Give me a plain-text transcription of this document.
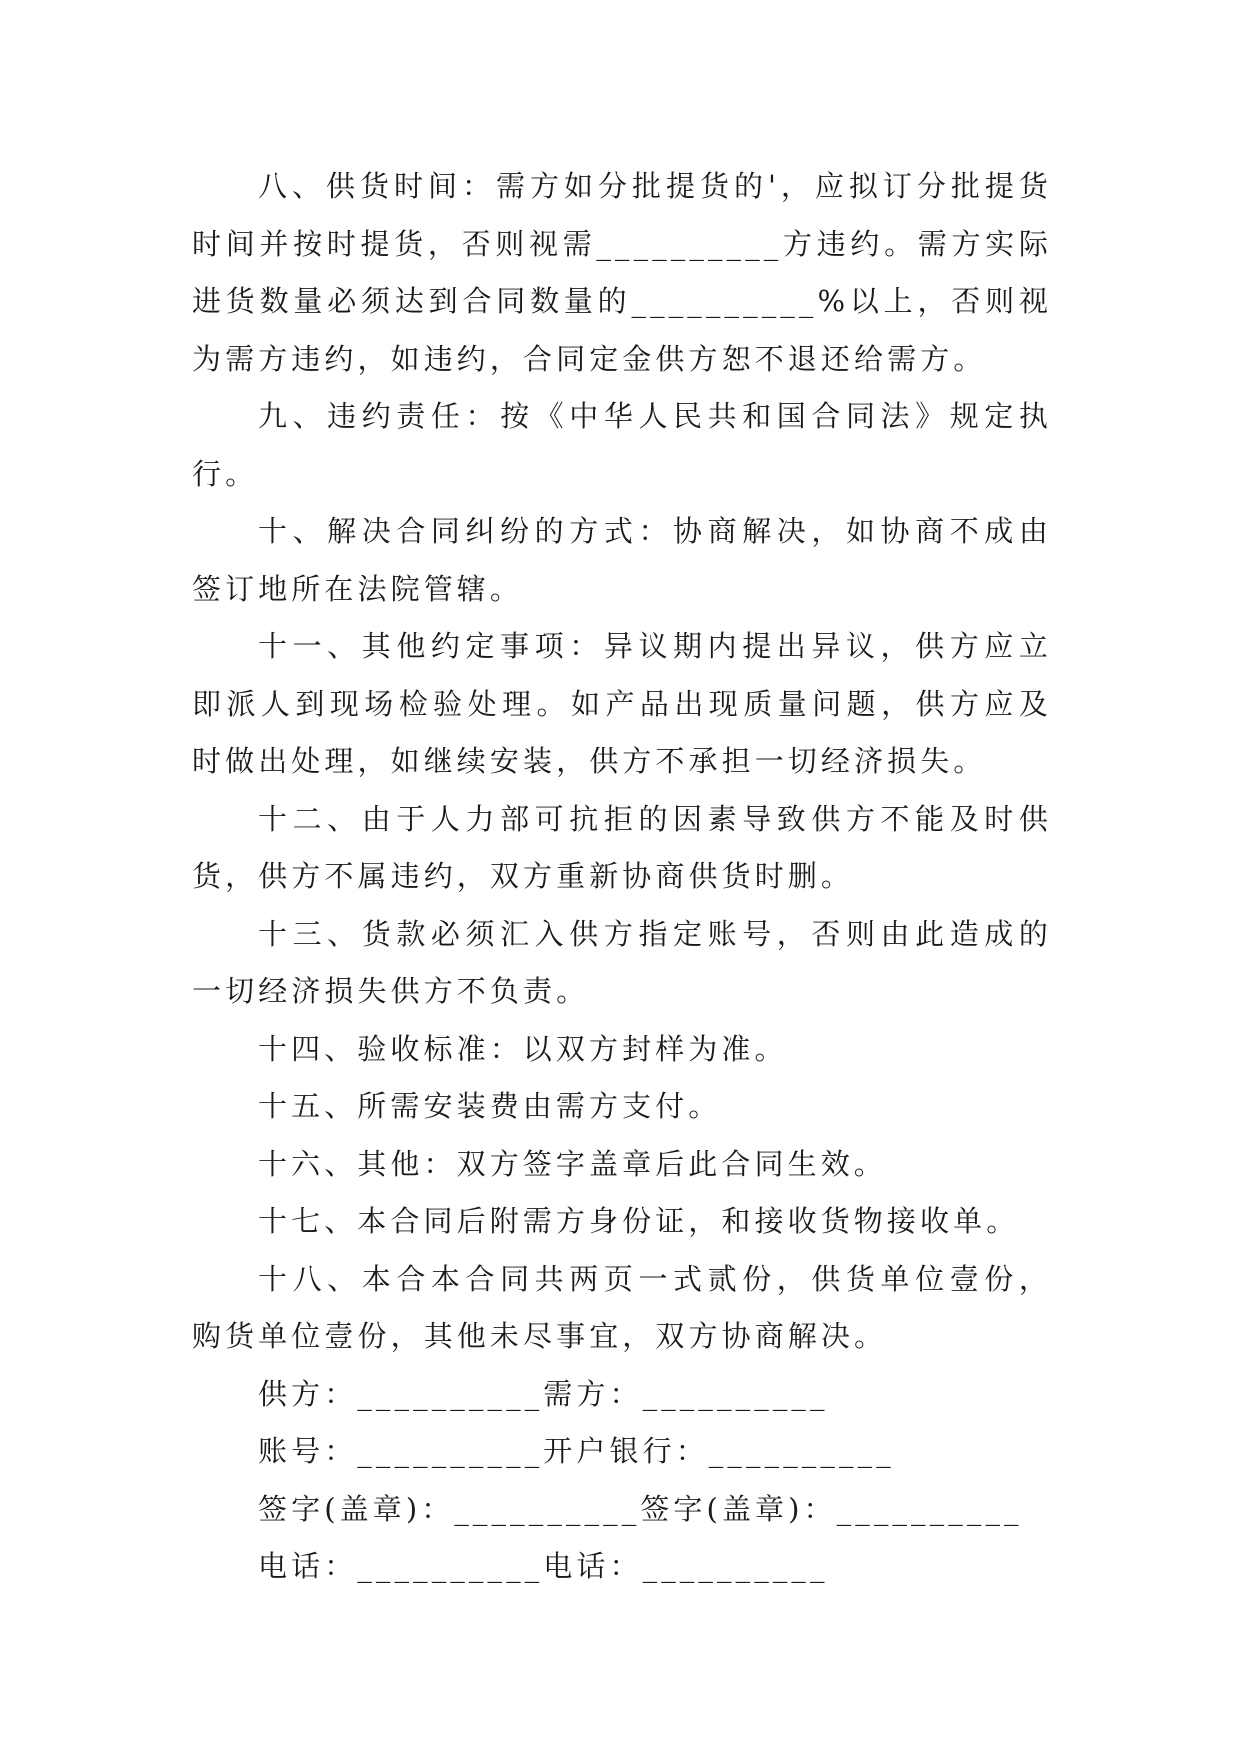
八、供货时间：需方如分批提货的'，应拟订分批提货时间并按时提货，否则视需__________方违约。需方实际进货数量必须达到合同数量的__________%以上，否则视为需方违约，如违约，合同定金供方恕不退还给需方。

九、违约责任：按《中华人民共和国合同法》规定执行。

十、解决合同纠纷的方式：协商解决，如协商不成由签订地所在法院管辖。

十一、其他约定事项：异议期内提出异议，供方应立即派人到现场检验处理。如产品出现质量问题，供方应及时做出处理，如继续安装，供方不承担一切经济损失。

十二、由于人力部可抗拒的因素导致供方不能及时供货，供方不属违约，双方重新协商供货时删。

十三、货款必须汇入供方指定账号，否则由此造成的一切经济损失供方不负责。

十四、验收标准：以双方封样为准。

十五、所需安装费由需方支付。

十六、其他：双方签字盖章后此合同生效。

十七、本合同后附需方身份证，和接收货物接收单。

十八、本合本合同共两页一式贰份，供货单位壹份，购货单位壹份，其他未尽事宜，双方协商解决。

供方：__________需方：__________

账号：__________开户银行：__________

签字(盖章)：__________签字(盖章)：__________

电话：__________电话：__________
